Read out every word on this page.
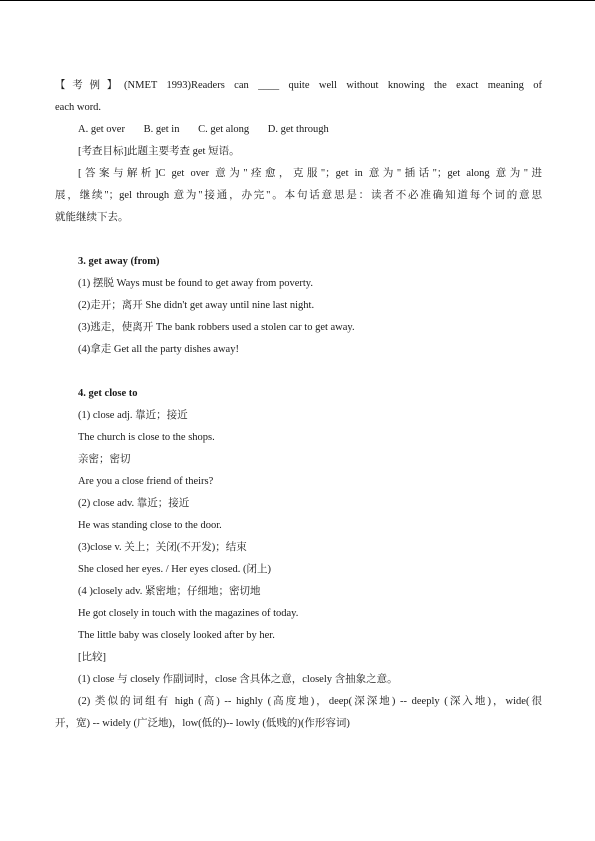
【考例】(NMET 1993)Readers can ____ quite well without knowing the exact meaning of
each word.
A. get over B. get in C. get along D. get through
[考查目标]此题主要考查 get 短语。
[答案与解析]C get over 意为"痊愈，克服"；get in 意为"插话"；get along 意为"进
展，继续"；gel through 意为"接通，办完"。本句话意思是：读者不必准确知道每个词的意思
就能继续下去。
3. get away (from)
(1) 摆脱 Ways must be found to get away from poverty.
(2)走开；离开 She didn't get away until nine last night.
(3)逃走，使离开 The bank robbers used a stolen car to get away.
(4)拿走 Get all the party dishes away!
4. get close to
(1) close adj. 靠近；接近
The church is close to the shops.
亲密；密切
Are you a close friend of theirs?
(2) close adv. 靠近；接近
He was standing close to the door.
(3)close v. 关上；关闭(不开发)；结束
She closed her eyes. / Her eyes closed. (闭上)
(4 )closely adv. 紧密地；仔细地；密切地
He got closely in touch with the magazines of today.
The little baby was closely looked after by her.
[比较]
(1) close 与 closely 作副词时，close 含具体之意，closely 含抽象之意。
(2) 类似的词组有 high (高) -- highly (高度地)，deep(深深地) -- deeply (深入地)，wide(很
开，宽) -- widely (广泛地)，low(低的)-- lowly (低贱的)(作形容词)
